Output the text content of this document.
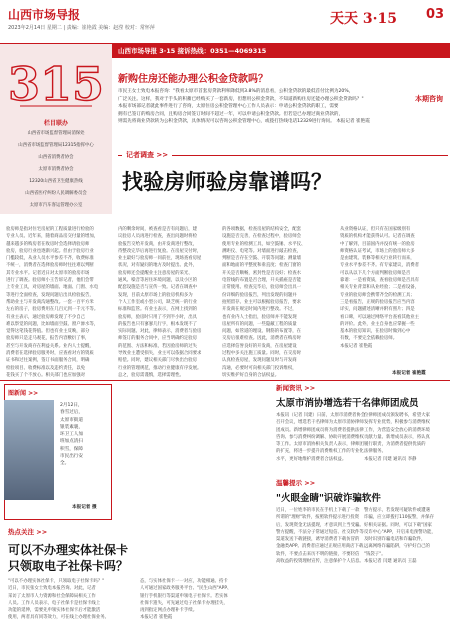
山西市场导报
2023年2月14日 星期二 | 责编：崔艳霞 美编：赵滢 校对：常怀萍
天天 3·15 03
315
栏目联办
山西省市场监督管理局消保处
山西省市场监督管理局12315指挥中心
山西省消费者协会
太原市消费者协会
12320山西省卫生健康热线
山西省医疗纠纷人民调解委员会
太原市汽车客运管理办公室
山西市场导报 3·15 接诉热线：0351—4069315
新购住房还能办理公积金贷款吗？
市民王女士致电本报咨询："我看太原市首套房贷款利率降低到3.8%的消息看，公积金贷款的最低首付比例为20%，
广泛关注。这样，我对于手头的积蓄已经购买了一套新房，但想用公积金贷款，不知道新购住房还能办理公积金贷款吗？"
本报市场部记者就此事件进行了咨询，太原住房公积金管理中心工作人员表示：申请公积金贷款的职工，需要
拥有已签订的购房合同，且购房合同签订时间不超过一年，可以申请公积金贷款。但若是已办理过商业贷款的，
则需先将商业贷款转为公积金贷款，具体情况可以咨询公积金管理中心，或拨打热线电话12329进行询问。 本报记者 崔艳霞
本期咨询
记者调查 >>
找验房师验房靠谱吗？
验房师是指对住宅房屋的工程质量进行检验的
专业人员。近年来，随着商品房交付量的增加，
越来越多的购房者在收房时会选择请验房师
验房，验房行业也逐渐兴起。但由于验房行业
门槛较低，从业人员水平参差不齐，收费标准
不统一，消费者在选择验房师时往往难以判断
其专业水平。记者近日对太原市的验房市场
进行了调查。验房师小王告诉记者，他们会带
上专业工具，对房屋的墙面、地面、门窗、水电
等进行全面检查，发现问题后出具检验报告，
帮助业主与开发商沟通整改。一套一百平方米
左右的房子，验房费用在几百元到一千元不等。
有业主表示，通过验房师发现了不少自己
难以察觉的问题，比如墙面空鼓、窗户渗水等，
觉得这笔钱花得值。但也有业主反映，部分
验房师只是走马观花，报告内容敷衍了事，
甚至与开发商存在利益关系。业内人士提醒，
消费者在选择验房服务时，应查看对方的资质
证书和过往案例，签订书面服务合同，明确
检验项目、收费标准以及违约责任，以免
花钱买了个不放心。相关部门也应加强对
内的剩余时间，被查看是否有问题后，建
议验房人员再进行检查，查出问题时将检
验报告交给开发商，由开发商进行整改，
待整改完毕后再进行复验。在房屋交付时，
业主最好与验房师一同前往，现场查看房屋
状况，对有疑问的地方及时提出。此外，
验房师还会提醒业主注意房屋的采光、
通风、噪音等居住环境问题，以及小区的
配套设施是否与宣传一致。记者在调查中
发现，目前太原市场上的验房机构多为
个人工作室或小型公司，缺乏统一的行业
标准和监管。有业主表示，在网上找到的
验房师，验房时只用了不到半小时，出具
的报告也只有寥寥几行字，根本发现不了
实际问题。对此，律师表示，消费者与验房
师签订的服务合同中，应当明确约定验房
的范围、方法和标准，若因验房师的过失
导致业主遭受损失，业主可以依据合同要求
赔偿。同时，建议相关部门尽快出台验房
行业的管理规范，推动行业健康有序发展。
总之，验房需谨慎，选择需理性。
的各项数据，检查房屋的结构安全，配套
设施是否完善，在检查过程中，验房师会
使用专业的检测工具，如空鼓锤、水平仪、
测距仪、电笔等。对墙面进行敲击检查，
判断是否存在空鼓、开裂等问题；测量墙
面和地面的平整度和垂直度；检查门窗的
开关是否顺畅，密封性是否良好；检查水
电管线的布置是否合理，开关插座是否能
正常使用。检查完毕后，验房师会出具一
份详细的验房报告，列出发现的问题并
拍照留存。业主可以根据验房报告，要求
开发商在规定时间内进行整改。不过，
也有业内人士指出，验房师并不能发现
房屋所有的问题，一些隐蔽工程的质量
问题，如管道的埋设、钢筋的布置等，在
交房后很难检查。因此，消费者在购房时
应选择信誉良好的开发商，在房屋建设
过程中多关注施工质量。同时，在交房时
认真检查房屋，发现问题及时与开发商
沟通，必要时可向相关部门投诉维权，
切实维护好自身的合法权益。
从业资格认证，但只有在国家级别有
资质的机构才能获得认可。记者在调查
中了解到，目前国内并没有统一的验房
师资格认证考试，市场上的验房师大多
是由建筑、装修等相关行业转行而来，
专业水平参差不齐。有专家建议，消费者
可以从以下几个方面判断验房师是否
靠谱：一是看资质，查看验房师是否具有
相关专业背景和从业经验；二是看设备，
专业的验房师会携带齐全的检测工具；
三是看报告，正规的验房报告应当内容
详实，问题描述清晰并附有照片；四是
看口碑，可以通过网络平台查看其他业主
的评价。此外，业主自身也应掌握一些
基本的验房知识，在验房时做到心中
有数，不要完全依赖验房师。
本报记者 崔艳霞
本报记者 崔艳霞
图新闻 >>
2月12日，
春雪过后，
太原市街道
银装素裹，
环卫工人加
班加点清扫
积雪，保障
市民出行安
全。
本报记者 摄
热点关注 >>
可以不办理实体社保卡
只领取电子社保卡吗？
"可以不办理实体社保卡，只领取电子社保卡吗？"
近日，市民张女士致电本报咨询。对此，记者
采访了太原市人力资源和社会保障局相关工作
人员。工作人员表示，电子社保卡是社保卡线上
功能的延伸，需要先申领实体社保卡后才能激活
使用，两者具有同等效力，可在线上办理社保业务。
态，与实体社保卡一一对应，功能相通。持卡
人可通过国家政务服务平台、"民生山西"APP、
银行手机银行等渠道申领电子社保卡。若实体
社保卡遗失，可先通过电子社保卡办理挂失，
再到指定网点办理补卡手续。
本报记者 崔艳霞
新闻资讯 >>
太原市消协增选若干名律师团成员
本报讯（记者 闫建）日前，太原市消费者协会
召开会议，增选若干名律师为太原市消协律师
团成员。新增律师团成员将为消费者提供法律
咨询、参与消费纠纷调解、协助开展消费维权
等工作。太原市消协相关负责人表示，律师团
的扩充，将进一步提升消费维权工作的专业化
水平，更好地维护消费者合法权益。
位律师团成员颁发聘书，希望大家
发挥专业优势，积极参与消费维权
工作，为营造安全放心的消费环境
贡献力量。新增成员表示，将认真
履行职责，为消费者提供优质的
法律服务。
本报记者 闫建 通讯员 李静
温馨提示 >>
"火眼金睛"识破诈骗软件
近日，一位姓李的市民在手机上下载了一款
所谓的"理财"软件，按照软件提示进行投资
后，发现资金无法提现，才意识到上当受骗。
警方提醒，不法分子常通过短信、社交软件等
渠道发送下载链接，诱导消费者下载仿冒的
金融类APP。消费者应通过正规应用商店下载
软件，不要点击来历不明的链接，不要轻信
高收益的投资理财宣传，注意保护个人信息。
警方提示，若发现可疑软件或遭遇
诈骗，应立即拨打110报警，并保存
好相关证据。同时，可以下载"国家
反诈中心"APP，开启来电预警功能，
及时识别诈骗电话和诈骗软件，
远离网络诈骗陷阱，守护好自己的
"钱袋子"。
本报记者 闫建 通讯员 王磊
